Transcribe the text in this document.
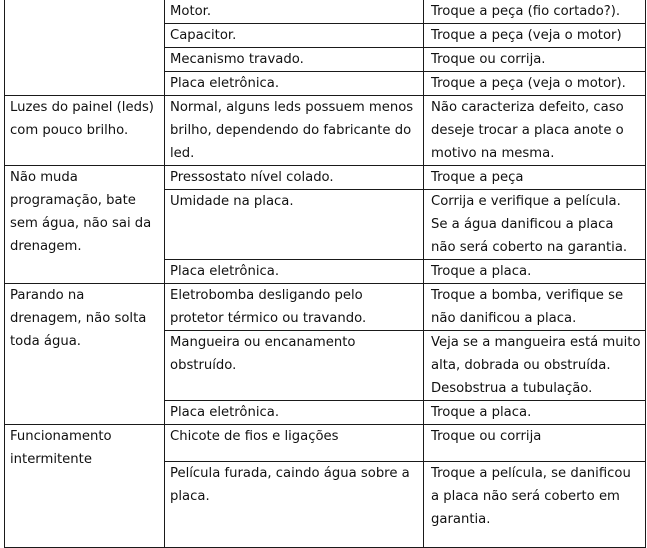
	Motor.	Troque a peça (fio cortado?).
	Capacitor.	Troque a peça (veja o motor)
	Mecanismo travado.	Troque ou corrija.
	Placa eletrônica.	Troque a peça (veja o motor).
Luzes do painel (leds) com pouco brilho.	Normal, alguns leds possuem menos brilho, dependendo do fabricante do led.	Não caracteriza defeito, caso deseje trocar a placa anote o motivo na mesma.
Não muda programação, bate sem água, não sai da drenagem.	Pressostato nível colado.	Troque a peça
	Umidade na placa.	Corrija e verifique a película. Se a água danificou a placa não será coberto na garantia.
	Placa eletrônica.	Troque a placa.
Parando na drenagem, não solta toda água.	Eletrobomba desligando pelo protetor térmico ou travando.	Troque a bomba, verifique se não danificou a placa.
	Mangueira ou encanamento obstruído.	Veja se a mangueira está muito alta, dobrada ou obstruída. Desobstrua a tubulação.
	Placa eletrônica.	Troque a placa.
Funcionamento intermitente	Chicote de fios e ligações	Troque ou corrija
	Película furada, caindo água sobre a placa.	Troque a película, se danificou a placa não será coberto em garantia.
